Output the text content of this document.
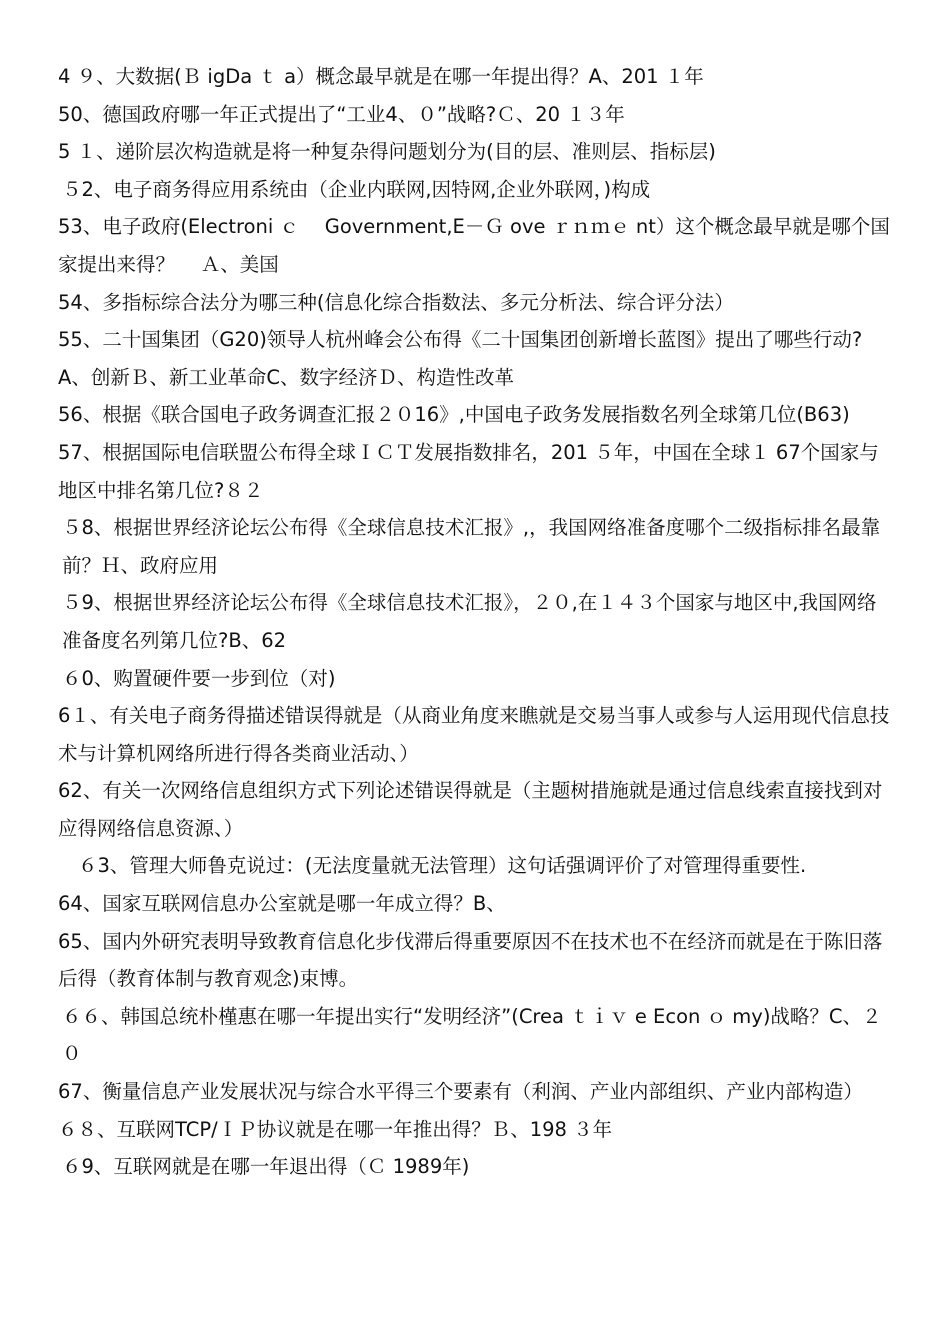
4 ９、大数据(Ｂ igDa ｔ a）概念最早就是在哪一年提出得？A、201 １年

50、德国政府哪一年正式提出了“工业4、０”战略?Ｃ、20 １３年

5 １、递阶层次构造就是将一种复杂得问题划分为(目的层、准则层、指标层)

５2、电子商务得应用系统由（企业内联网,因特网,企业外联网，)构成

53、电子政府(Electroni ｃ　 Government,E－Ｇ ove ｒｎｍｅ nt）这个概念最早就是哪个国家提出来得？　 Ａ、美国

54、多指标综合法分为哪三种(信息化综合指数法、多元分析法、综合评分法）

55、二十国集团（G20)领导人杭州峰会公布得《二十国集团创新增长蓝图》提出了哪些行动?A、创新Ｂ、新工业革命C、数字经济Ｄ、构造性改革

56、根据《联合国电子政务调查汇报２０16》,中国电子政务发展指数名列全球第几位(B63)

57、根据国际电信联盟公布得全球ＩＣＴ发展指数排名，201 ５年，中国在全球１ 67个国家与地区中排名第几位?８２

５8、根据世界经济论坛公布得《全球信息技术汇报》,，我国网络准备度哪个二级指标排名最靠前？Ｈ、政府应用

５9、根据世界经济论坛公布得《全球信息技术汇报》，２０,在１４３个国家与地区中,我国网络准备度名列第几位?B、62

６0、购置硬件要一步到位（对)

6１、有关电子商务得描述错误得就是（从商业角度来瞧就是交易当事人或参与人运用现代信息技术与计算机网络所进行得各类商业活动、）

62、有关一次网络信息组织方式下列论述错误得就是（主题树措施就是通过信息线索直接找到对应得网络信息资源、）

６3、管理大师鲁克说过：(无法度量就无法管理）这句话强调评价了对管理得重要性.

64、国家互联网信息办公室就是哪一年成立得？B、

65、国内外研究表明导致教育信息化步伐滞后得重要原因不在技术也不在经济而就是在于陈旧落后得（教育体制与教育观念)束博。

６６、韩国总统朴槿惠在哪一年提出实行“发明经济”(Crea ｔｉｖ e Econ ｏ my)战略？C、２０

67、衡量信息产业发展状况与综合水平得三个要素有（利润、产业内部组织、产业内部构造）

６８、互联网TCP/ＩＰ协议就是在哪一年推出得？Ｂ、198 ３年

６9、互联网就是在哪一年退出得（Ｃ 1989年)
